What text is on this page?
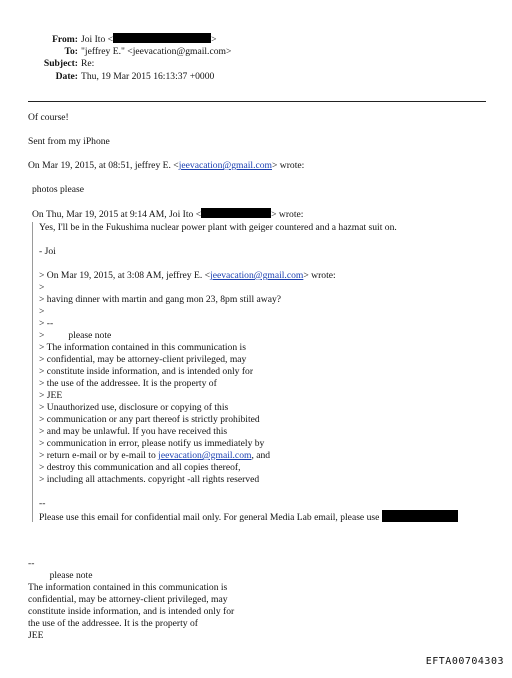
From: Joi Ito <	>
To: "jeffrey E." <jeevacation@gmail.com>
Subject: Re:
Date: Thu, 19 Mar 2015 16:13:37 +0000
Of course!
Sent from my iPhone
On Mar 19, 2015, at 08:51, jeffrey E. <jeevacation@gmail.com> wrote:
photos please
On Thu, Mar 19, 2015 at 9:14 AM, Joi Ito <	> wrote:
Yes, I'll be in the Fukushima nuclear power plant with geiger countered and a hazmat suit on.
- Joi
> On Mar 19, 2015, at 3:08 AM, jeffrey E. <jeevacation@gmail.com> wrote:
>
> having dinner with martin and gang mon 23, 8pm still away?
>
> --
>          please note
> The information contained in this communication is
> confidential, may be attorney-client privileged, may
> constitute inside information, and is intended only for
> the use of the addressee. It is the property of
> JEE
> Unauthorized use, disclosure or copying of this
> communication or any part thereof is strictly prohibited
> and may be unlawful. If you have received this
> communication in error, please notify us immediately by
> return e-mail or by e-mail to jeevacation@gmail.com, and
> destroy this communication and all copies thereof,
> including all attachments. copyright -all rights reserved
--
Please use this email for confidential mail only. For general Media Lab email, please use
--
please note
The information contained in this communication is
confidential, may be attorney-client privileged, may
constitute inside information, and is intended only for
the use of the addressee. It is the property of
JEE
EFTA00704303
